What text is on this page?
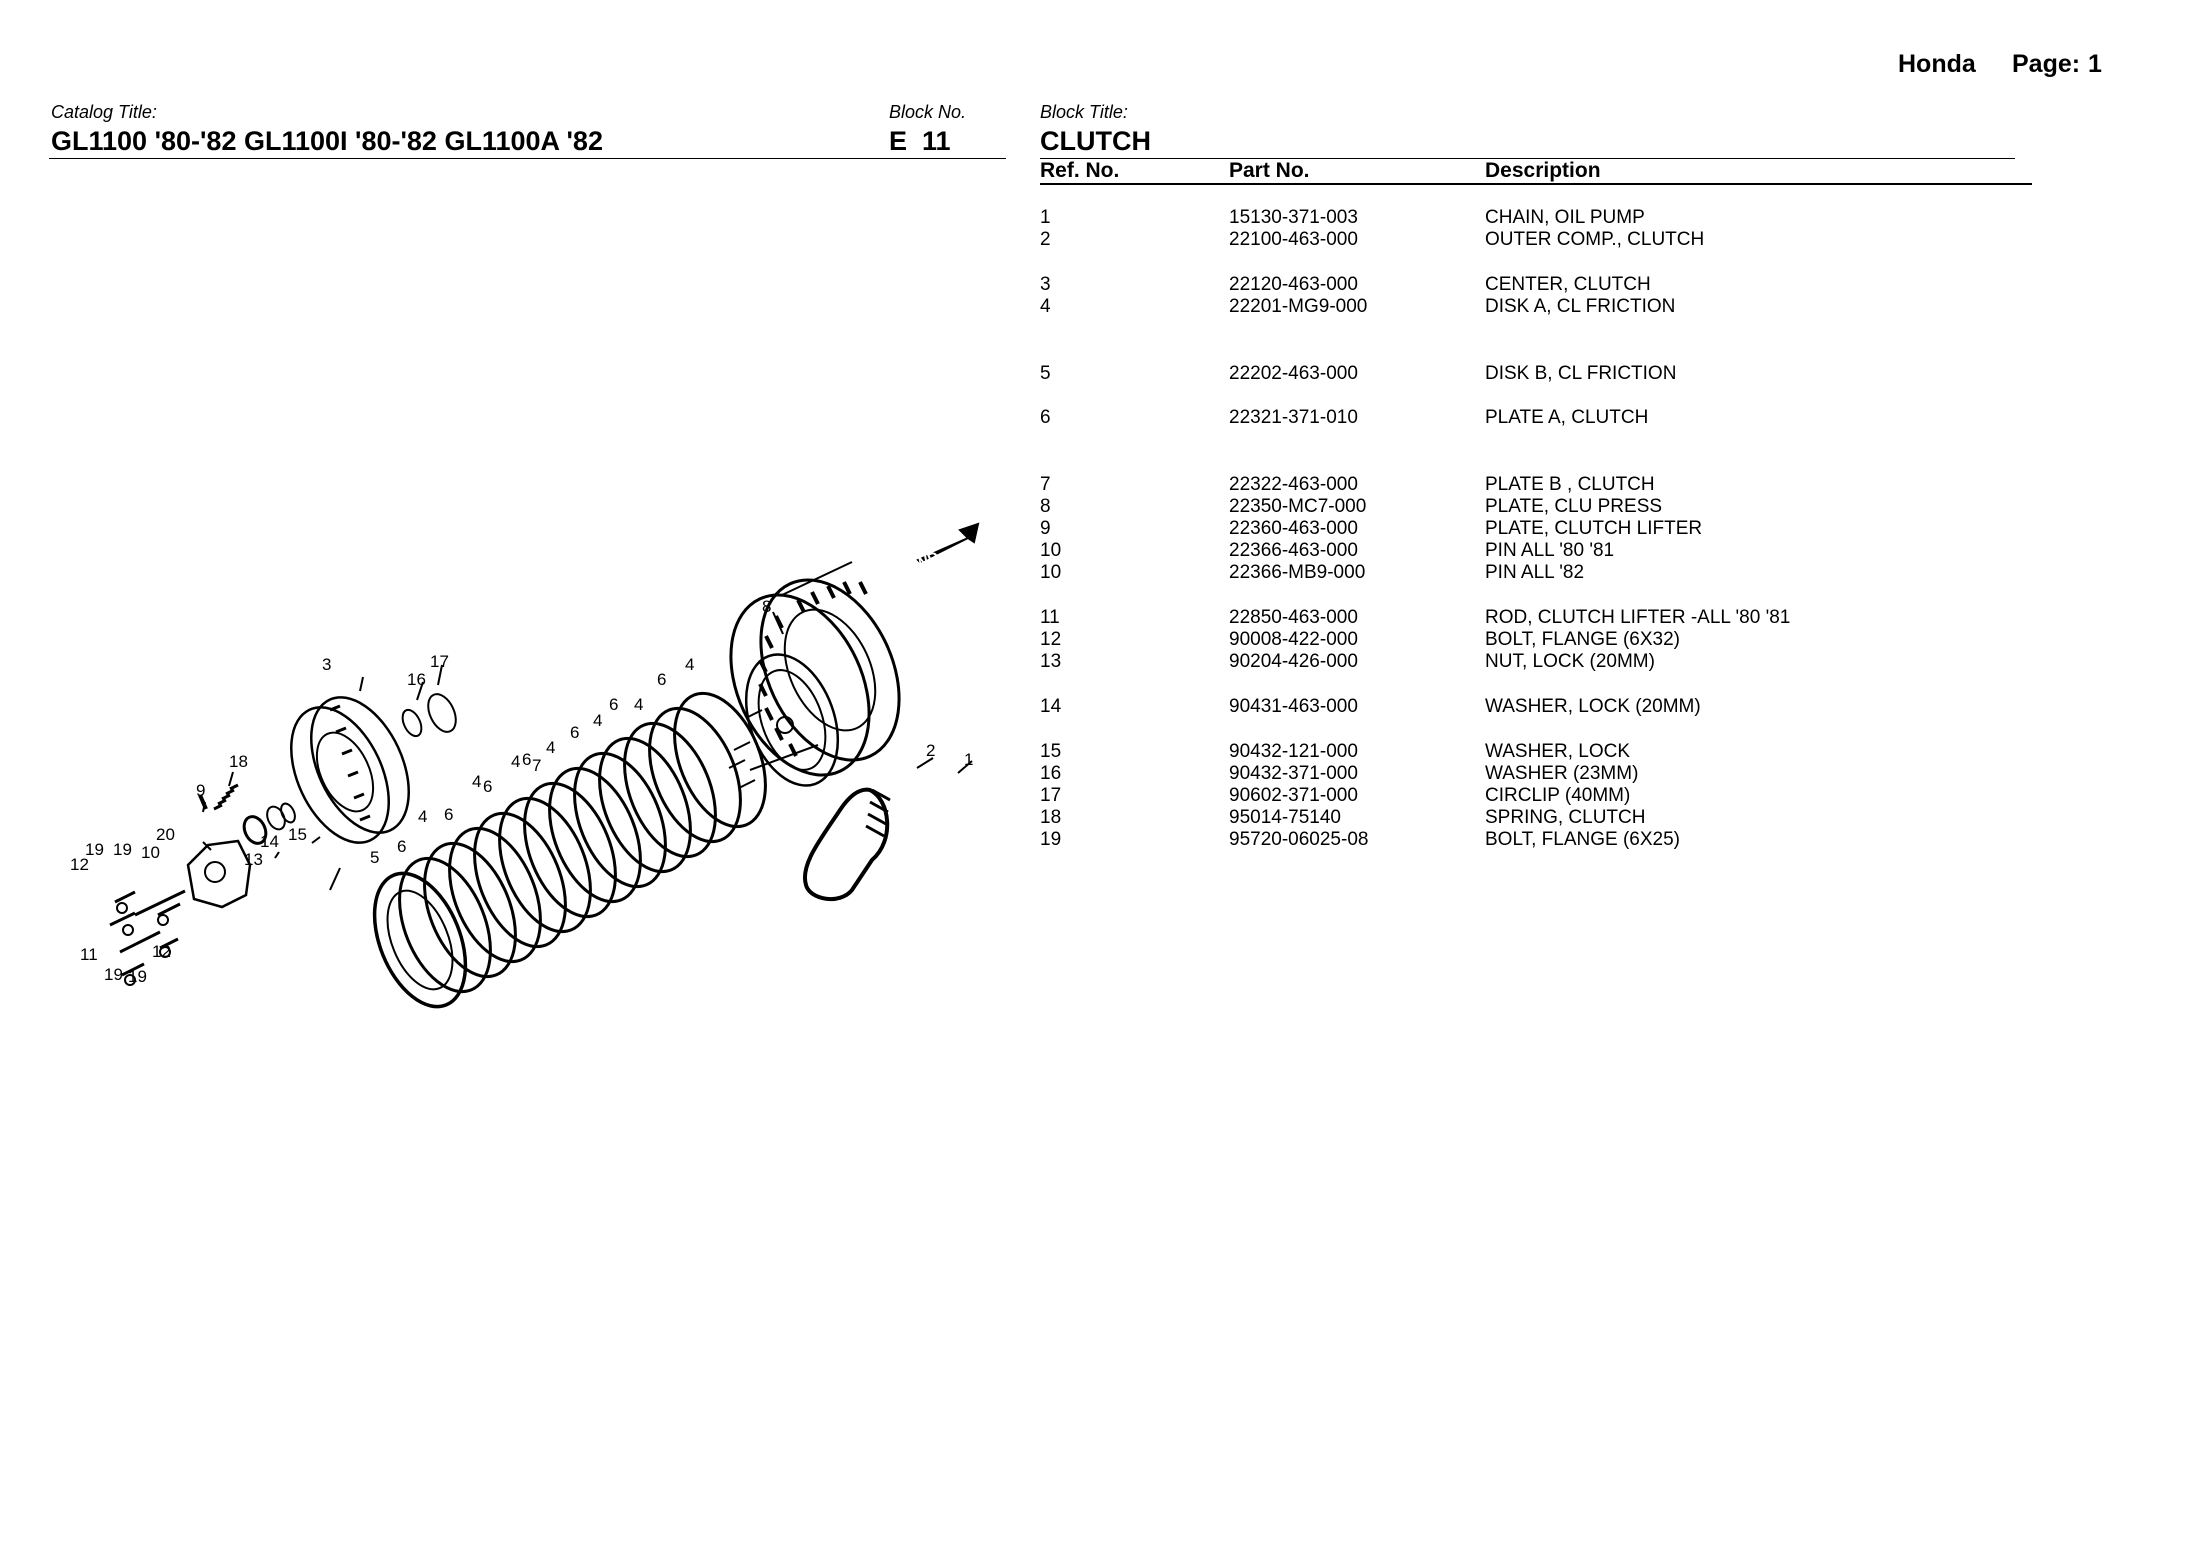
Honda Page: 1
Catalog Title:
GL1100 '80-'82 GL1100I '80-'82 GL1100A '82
Block No.
E  11
Block Title:
CLUTCH
Ref. No.	Part No.	Description
1	15130-371-003	CHAIN, OIL PUMP
2	22100-463-000	OUTER COMP., CLUTCH
3	22120-463-000	CENTER, CLUTCH
4	22201-MG9-000	DISK A, CL FRICTION
5	22202-463-000	DISK B, CL FRICTION
6	22321-371-010	PLATE A, CLUTCH
7	22322-463-000	PLATE B , CLUTCH
8	22350-MC7-000	PLATE, CLU PRESS
9	22360-463-000	PLATE, CLUTCH LIFTER
10	22366-463-000	PIN ALL '80 '81
10	22366-MB9-000	PIN ALL '82
11	22850-463-000	ROD, CLUTCH LIFTER -ALL '80 '81
12	90008-422-000	BOLT, FLANGE (6X32)
13	90204-426-000	NUT, LOCK (20MM)
14	90431-463-000	WASHER, LOCK (20MM)
15	90432-121-000	WASHER, LOCK
16	90432-371-000	WASHER (23MM)
17	90602-371-000	CIRCLIP (40MM)
18	95014-75140	SPRING, CLUTCH
19	95720-06025-08	BOLT, FLANGE (6X25)
FWD
1
2
3	4
4
4
4
4
4
4
5
6
6
6
6
6
6
6
7
8
9
10
11
12
12
13
14 15
16
17
18
19 19
19 19
20
